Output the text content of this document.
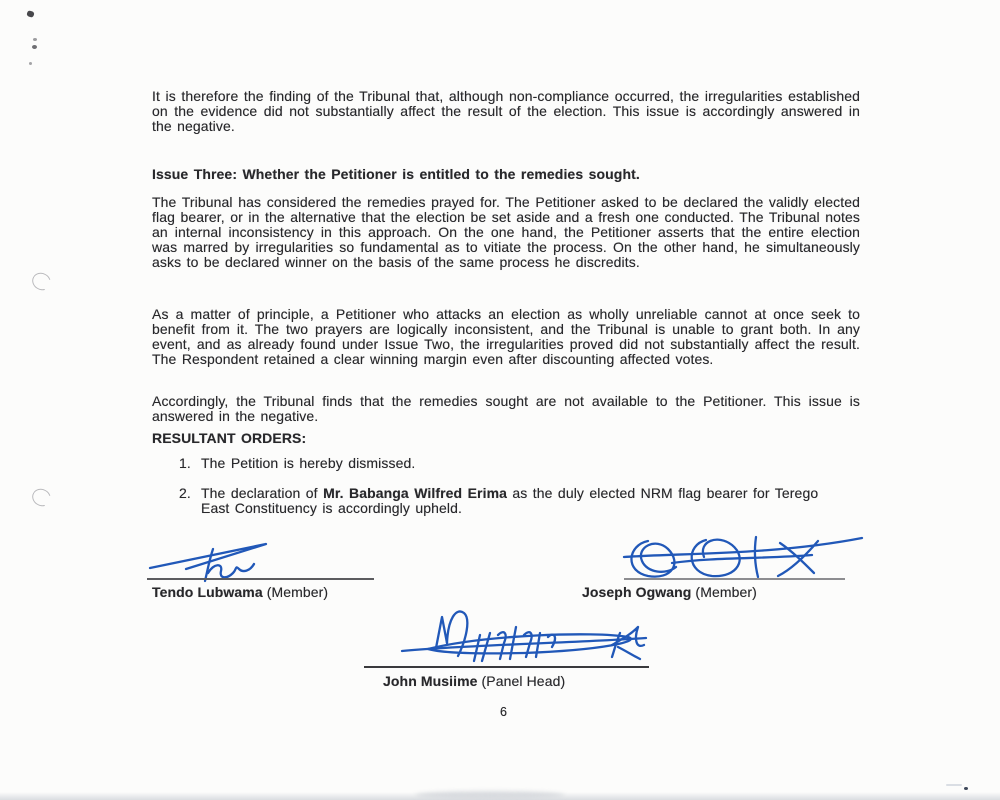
It is therefore the finding of the Tribunal that, although non-compliance occurred, the irregularities established on the evidence did not substantially affect the result of the election. This issue is accordingly answered in the negative.
Issue Three: Whether the Petitioner is entitled to the remedies sought.
The Tribunal has considered the remedies prayed for. The Petitioner asked to be declared the validly elected flag bearer, or in the alternative that the election be set aside and a fresh one conducted. The Tribunal notes an internal inconsistency in this approach. On the one hand, the Petitioner asserts that the entire election was marred by irregularities so fundamental as to vitiate the process. On the other hand, he simultaneously asks to be declared winner on the basis of the same process he discredits.
As a matter of principle, a Petitioner who attacks an election as wholly unreliable cannot at once seek to benefit from it. The two prayers are logically inconsistent, and the Tribunal is unable to grant both. In any event, and as already found under Issue Two, the irregularities proved did not substantially affect the result. The Respondent retained a clear winning margin even after discounting affected votes.
Accordingly, the Tribunal finds that the remedies sought are not available to the Petitioner. This issue is answered in the negative.
RESULTANT ORDERS:
1. The Petition is hereby dismissed.
2. The declaration of Mr. Babanga Wilfred Erima as the duly elected NRM flag bearer for Terego East Constituency is accordingly upheld.
Tendo Lubwama (Member)	Joseph Ogwang (Member)
John Musiime (Panel Head)
6
